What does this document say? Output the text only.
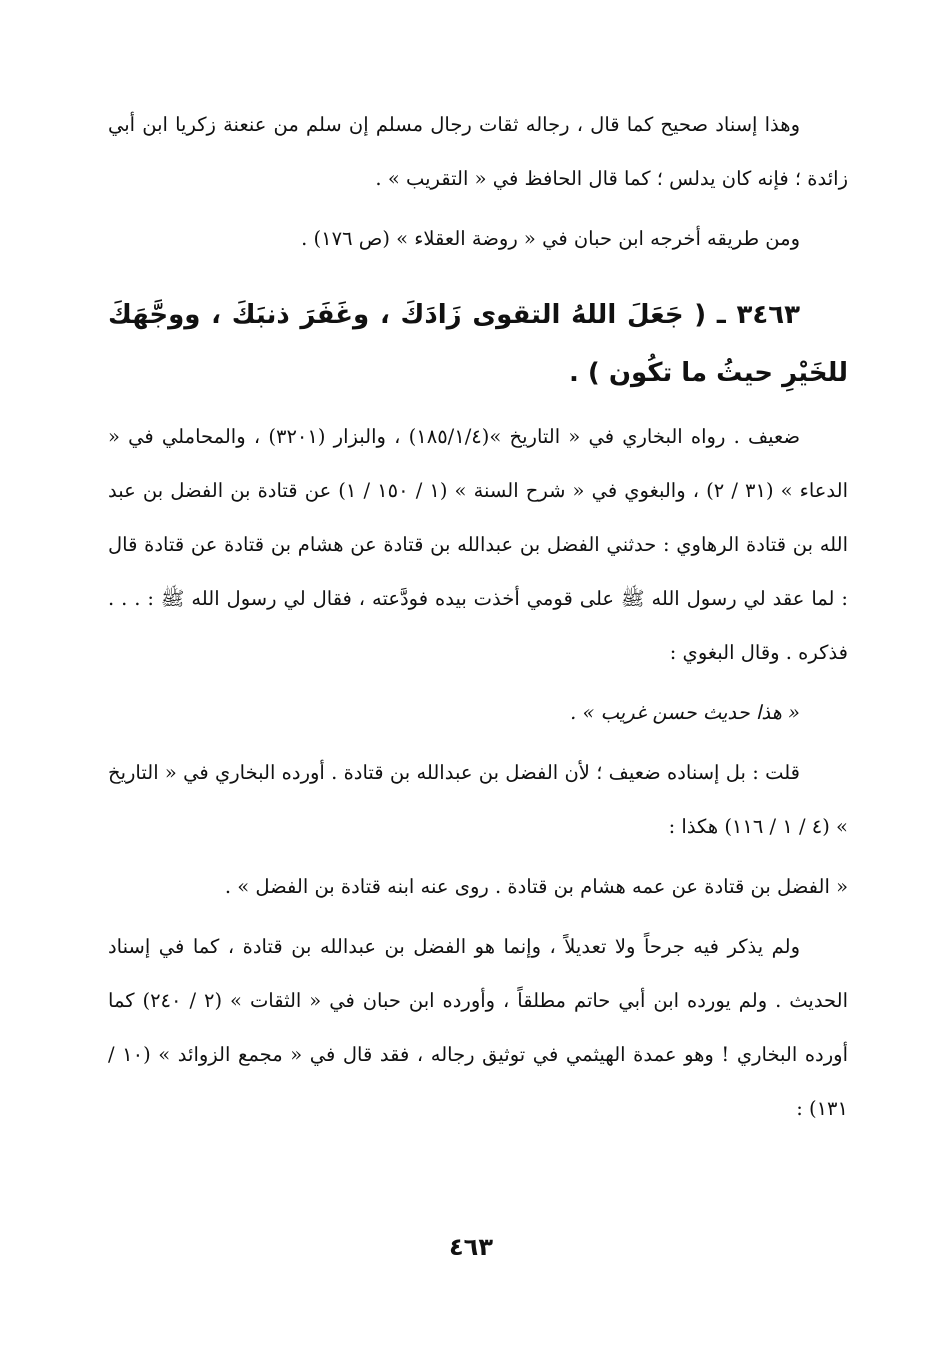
وهذا إسناد صحيح كما قال ، رجاله ثقات رجال مسلم إن سلم من عنعنة زكريا ابن أبي زائدة ؛ فإنه كان يدلس ؛ كما قال الحافظ في « التقريب » .

ومن طريقه أخرجه ابن حبان في « روضة العقلاء » (ص ١٧٦) .

٣٤٦٣ ـ ( جَعَلَ اللهُ التقوى زَادَكَ ، وغَفَرَ ذنبَكَ ، ووجَّهَكَ للخَيْرِ حيثُ ما تكُون ) .

ضعيف . رواه البخاري في « التاريخ »(١٨٥/١/٤) ، والبزار (٣٢٠١) ، والمحاملي في « الدعاء » (٣١ / ٢) ، والبغوي في « شرح السنة » (١ / ١٥٠ / ١) عن قتادة بن الفضل بن عبد الله بن قتادة الرهاوي : حدثني الفضل بن عبدالله بن قتادة عن هشام بن قتادة عن قتادة قال : لما عقد لي رسول الله ﷺ على قومي أخذت بيده فودَّعته ، فقال لي رسول الله ﷺ : . . . فذكره . وقال البغوي :

« هذا حديث حسن غريب » .

قلت : بل إسناده ضعيف ؛ لأن الفضل بن عبدالله بن قتادة . أورده البخاري في « التاريخ » (٤ / ١ / ١١٦) هكذا :

« الفضل بن قتادة عن عمه هشام بن قتادة . روى عنه ابنه قتادة بن الفضل » .

ولم يذكر فيه جرحاً ولا تعديلاً ، وإنما هو الفضل بن عبدالله بن قتادة ، كما في إسناد الحديث . ولم يورده ابن أبي حاتم مطلقاً ، وأورده ابن حبان في « الثقات » (٢ / ٢٤٠) كما أورده البخاري ! وهو عمدة الهيثمي في توثيق رجاله ، فقد قال في « مجمع الزوائد » (١٠ / ١٣١) :

٤٦٣
